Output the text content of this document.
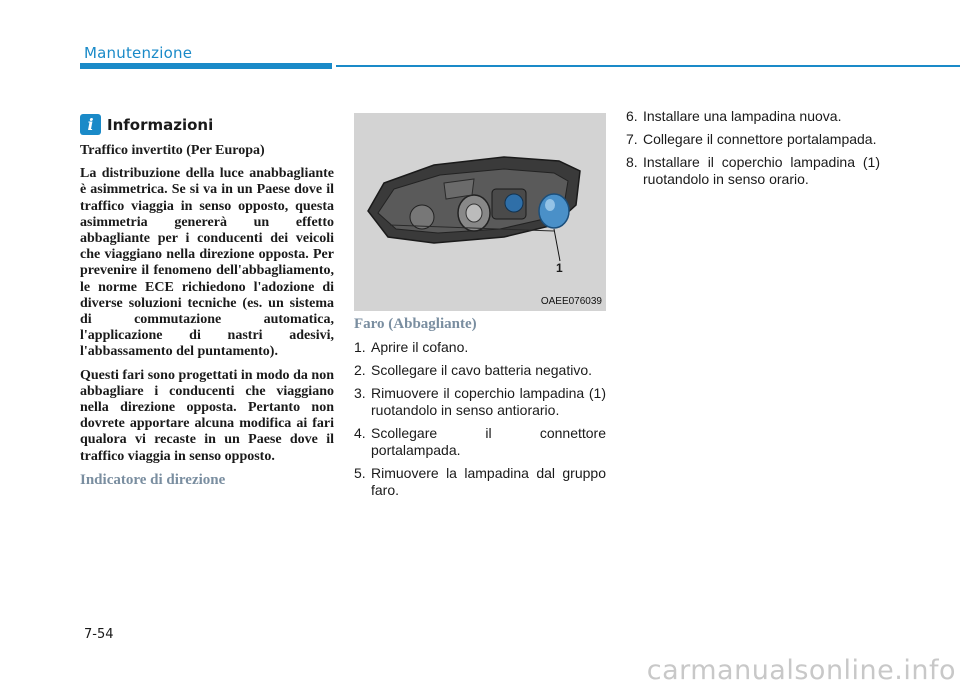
Manutenzione
i Informazioni

Traffico invertito (Per Europa)

La distribuzione della luce anabbagliante è asimmetrica. Se si va in un Paese dove il traffico viaggia in senso opposto, questa asimmetria genererà un effetto abbagliante per i conducenti dei veicoli che viaggiano nella direzione opposta. Per prevenire il fenomeno dell'abbagliamento, le norme ECE richiedono l'adozione di diverse soluzioni tecniche (es. un sistema di commutazione automatica, l'applicazione di nastri adesivi, l'abbassamento del puntamento).

Questi fari sono progettati in modo da non abbagliare i conducenti che viaggiano nella direzione opposta. Pertanto non dovrete apportare alcuna modifica ai fari qualora vi recaste in un Paese dove il traffico viaggia in senso opposto.

Indicatore di direzione

1
OAEE076039

Faro (Abbagliante)

1. Aprire il cofano.
2. Scollegare il cavo batteria negativo.
3. Rimuovere il coperchio lampadina (1) ruotandolo in senso antiorario.
4. Scollegare il connettore portalampada.
5. Rimuovere la lampadina dal gruppo faro.
6. Installare una lampadina nuova.
7. Collegare il connettore portalampada.
8. Installare il coperchio lampadina (1) ruotandolo in senso orario.
7-54
carmanualsonline.info
